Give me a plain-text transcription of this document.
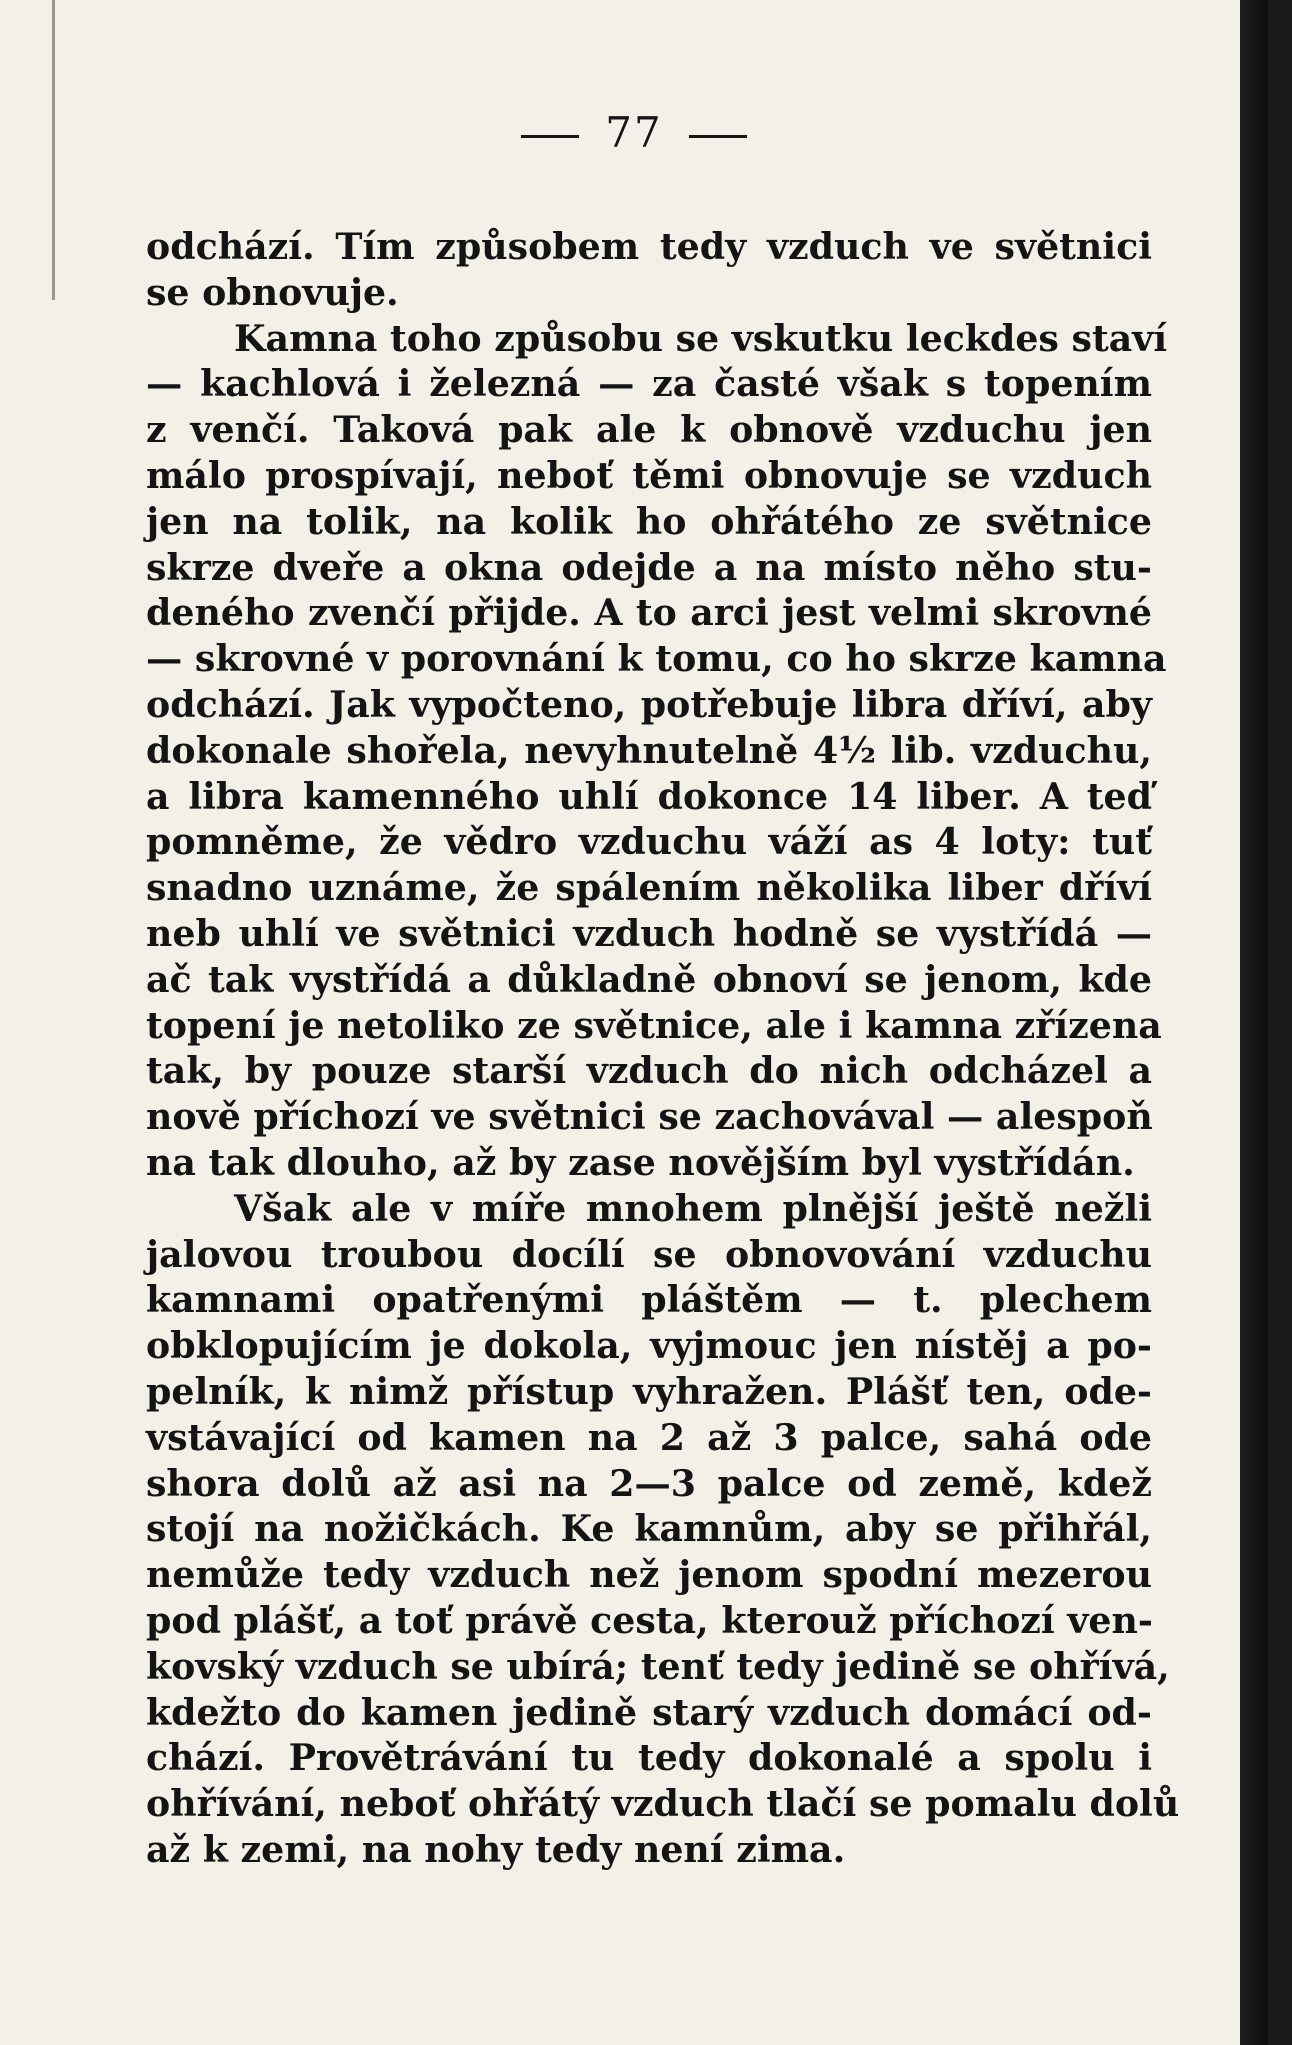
77
odchází. Tím způsobem tedy vzduch ve světnici
se obnovuje.
Kamna toho způsobu se vskutku leckdes staví
— kachlová i železná — za časté však s topením
z venčí. Taková pak ale k obnově vzduchu jen
málo prospívají, neboť těmi obnovuje se vzduch
jen na tolik, na kolik ho ohřátého ze světnice
skrze dveře a okna odejde a na místo něho stu-
deného zvenčí přijde. A to arci jest velmi skrovné
— skrovné v porovnání k tomu, co ho skrze kamna
odchází. Jak vypočteno, potřebuje libra dříví, aby
dokonale shořela, nevyhnutelně 4½ lib. vzduchu,
a libra kamenného uhlí dokonce 14 liber. A teď
pomněme, že vědro vzduchu váží as 4 loty: tuť
snadno uznáme, že spálením několika liber dříví
neb uhlí ve světnici vzduch hodně se vystřídá —
ač tak vystřídá a důkladně obnoví se jenom, kde
topení je netoliko ze světnice, ale i kamna zřízena
tak, by pouze starší vzduch do nich odcházel a
nově příchozí ve světnici se zachovával — alespoň
na tak dlouho, až by zase novějším byl vystřídán.
Však ale v míře mnohem plnější ještě nežli
jalovou troubou docílí se obnovování vzduchu
kamnami opatřenými pláštěm — t. plechem
obklopujícím je dokola, vyjmouc jen nístěj a po-
pelník, k nimž přístup vyhražen. Plášť ten, ode-
vstávající od kamen na 2 až 3 palce, sahá ode
shora dolů až asi na 2—3 palce od země, kdež
stojí na nožičkách. Ke kamnům, aby se přihřál,
nemůže tedy vzduch než jenom spodní mezerou
pod plášť, a toť právě cesta, kterouž příchozí ven-
kovský vzduch se ubírá; tenť tedy jedině se ohřívá,
kdežto do kamen jedině starý vzduch domácí od-
chází. Provětrávání tu tedy dokonalé a spolu i
ohřívání, neboť ohřátý vzduch tlačí se pomalu dolů
až k zemi, na nohy tedy není zima.
